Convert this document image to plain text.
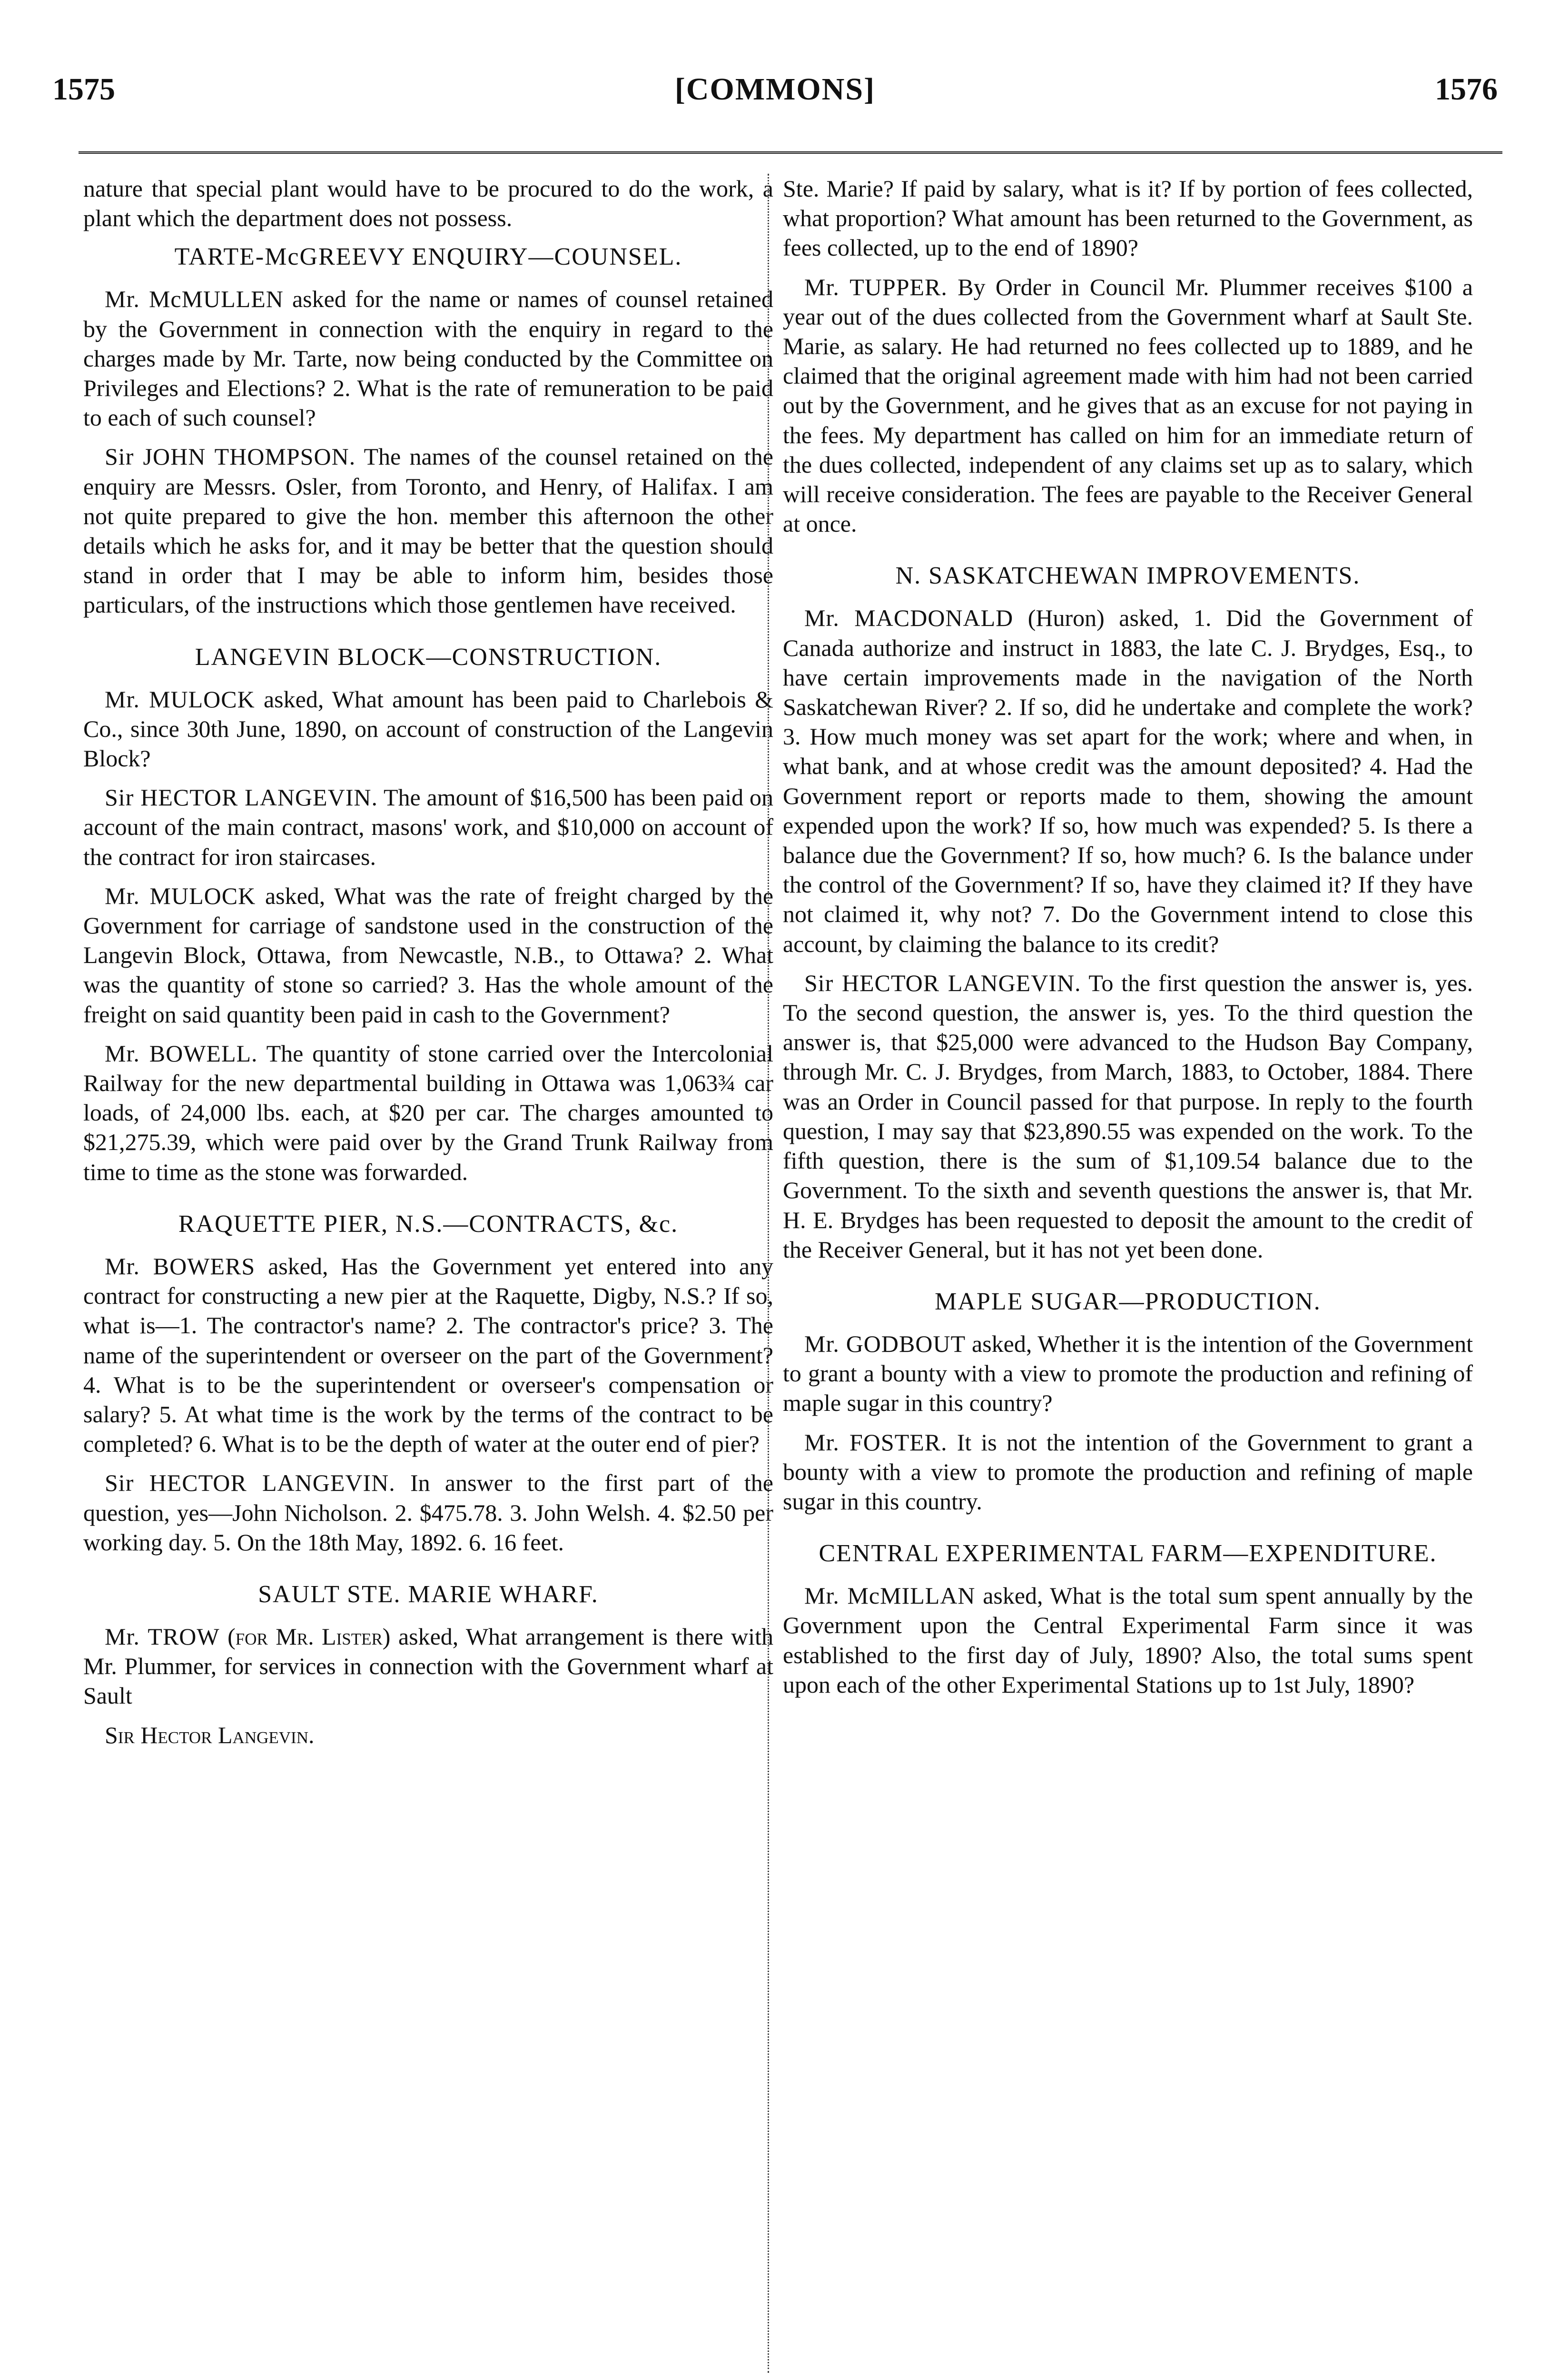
1575	[COMMONS]	1576

nature that special plant would have to be procured to do the work, a plant which the department does not possess.

TARTE-McGREEVY ENQUIRY—COUNSEL.

Mr. McMULLEN asked for the name or names of counsel retained by the Government in connection with the enquiry in regard to the charges made by Mr. Tarte, now being conducted by the Committee on Privileges and Elections? 2. What is the rate of remuneration to be paid to each of such counsel?

Sir JOHN THOMPSON. The names of the counsel retained on the enquiry are Messrs. Osler, from Toronto, and Henry, of Halifax. I am not quite prepared to give the hon. member this afternoon the other details which he asks for, and it may be better that the question should stand in order that I may be able to inform him, besides those particulars, of the instructions which those gentlemen have received.

LANGEVIN BLOCK—CONSTRUCTION.

Mr. MULOCK asked, What amount has been paid to Charlebois & Co., since 30th June, 1890, on account of construction of the Langevin Block?

Sir HECTOR LANGEVIN. The amount of $16,500 has been paid on account of the main contract, masons' work, and $10,000 on account of the contract for iron staircases.

Mr. MULOCK asked, What was the rate of freight charged by the Government for carriage of sandstone used in the construction of the Langevin Block, Ottawa, from Newcastle, N.B., to Ottawa? 2. What was the quantity of stone so carried? 3. Has the whole amount of the freight on said quantity been paid in cash to the Government?

Mr. BOWELL. The quantity of stone carried over the Intercolonial Railway for the new departmental building in Ottawa was 1,063¾ car loads, of 24,000 lbs. each, at $20 per car. The charges amounted to $21,275.39, which were paid over by the Grand Trunk Railway from time to time as the stone was forwarded.

RAQUETTE PIER, N.S.—CONTRACTS, &c.

Mr. BOWERS asked, Has the Government yet entered into any contract for constructing a new pier at the Raquette, Digby, N.S.? If so, what is—1. The contractor's name? 2. The contractor's price? 3. The name of the superintendent or overseer on the part of the Government? 4. What is to be the superintendent or overseer's compensation or salary? 5. At what time is the work by the terms of the contract to be completed? 6. What is to be the depth of water at the outer end of pier?

Sir HECTOR LANGEVIN. In answer to the first part of the question, yes—John Nicholson. 2. $475.78. 3. John Welsh. 4. $2.50 per working day. 5. On the 18th May, 1892. 6. 16 feet.

SAULT STE. MARIE WHARF.

Mr. TROW (for Mr. Lister) asked, What arrangement is there with Mr. Plummer, for services in connection with the Government wharf at Sault

Sir Hector Langevin.

Ste. Marie? If paid by salary, what is it? If by portion of fees collected, what proportion? What amount has been returned to the Government, as fees collected, up to the end of 1890?

Mr. TUPPER. By Order in Council Mr. Plummer receives $100 a year out of the dues collected from the Government wharf at Sault Ste. Marie, as salary. He had returned no fees collected up to 1889, and he claimed that the original agreement made with him had not been carried out by the Government, and he gives that as an excuse for not paying in the fees. My department has called on him for an immediate return of the dues collected, independent of any claims set up as to salary, which will receive consideration. The fees are payable to the Receiver General at once.

N. SASKATCHEWAN IMPROVEMENTS.

Mr. MACDONALD (Huron) asked, 1. Did the Government of Canada authorize and instruct in 1883, the late C. J. Brydges, Esq., to have certain improvements made in the navigation of the North Saskatchewan River? 2. If so, did he undertake and complete the work? 3. How much money was set apart for the work; where and when, in what bank, and at whose credit was the amount deposited? 4. Had the Government report or reports made to them, showing the amount expended upon the work? If so, how much was expended? 5. Is there a balance due the Government? If so, how much? 6. Is the balance under the control of the Government? If so, have they claimed it? If they have not claimed it, why not? 7. Do the Government intend to close this account, by claiming the balance to its credit?

Sir HECTOR LANGEVIN. To the first question the answer is, yes. To the second question, the answer is, yes. To the third question the answer is, that $25,000 were advanced to the Hudson Bay Company, through Mr. C. J. Brydges, from March, 1883, to October, 1884. There was an Order in Council passed for that purpose. In reply to the fourth question, I may say that $23,890.55 was expended on the work. To the fifth question, there is the sum of $1,109.54 balance due to the Government. To the sixth and seventh questions the answer is, that Mr. H. E. Brydges has been requested to deposit the amount to the credit of the Receiver General, but it has not yet been done.

MAPLE SUGAR—PRODUCTION.

Mr. GODBOUT asked, Whether it is the intention of the Government to grant a bounty with a view to promote the production and refining of maple sugar in this country?

Mr. FOSTER. It is not the intention of the Government to grant a bounty with a view to promote the production and refining of maple sugar in this country.

CENTRAL EXPERIMENTAL FARM—EXPENDITURE.

Mr. McMILLAN asked, What is the total sum spent annually by the Government upon the Central Experimental Farm since it was established to the first day of July, 1890? Also, the total sums spent upon each of the other Experimental Stations up to 1st July, 1890?
